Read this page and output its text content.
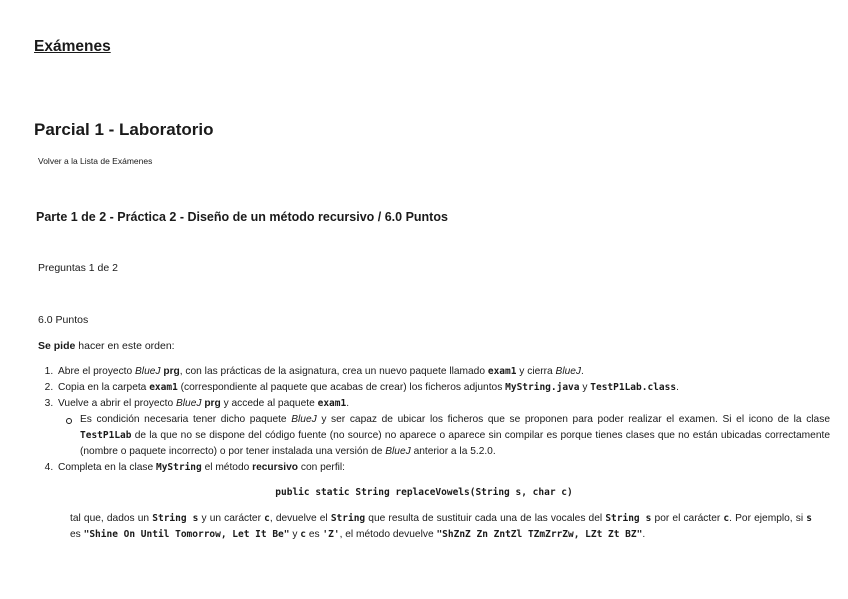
Exámenes
Parcial 1 - Laboratorio
Volver a la Lista de Exámenes
Parte 1 de 2 - Práctica 2 - Diseño de un método recursivo / 6.0 Puntos
Preguntas 1 de 2
6.0 Puntos
Se pide hacer en este orden:
1. Abre el proyecto BlueJ prg, con las prácticas de la asignatura, crea un nuevo paquete llamado exam1 y cierra BlueJ.
2. Copia en la carpeta exam1 (correspondiente al paquete que acabas de crear) los ficheros adjuntos MyString.java y TestP1Lab.class.
3. Vuelve a abrir el proyecto BlueJ prg y accede al paquete exam1.
Es condición necesaria tener dicho paquete BlueJ y ser capaz de ubicar los ficheros que se proponen para poder realizar el examen. Si el icono de la clase TestP1Lab de la que no se dispone del código fuente (no source) no aparece o aparece sin compilar es porque tienes clases que no están ubicadas correctamente (nombre o paquete incorrecto) o por tener instalada una versión de BlueJ anterior a la 5.2.0.
4. Completa en la clase MyString el método recursivo con perfil:
public static String replaceVowels(String s, char c)
tal que, dados un String s y un carácter c, devuelve el String que resulta de sustituir cada una de las vocales del String s por el carácter c. Por ejemplo, si s es "Shine On Until Tomorrow, Let It Be" y c es 'Z', el método devuelve "ShZnZ Zn ZntZl TZmZrrZw, LZt Zt BZ".
